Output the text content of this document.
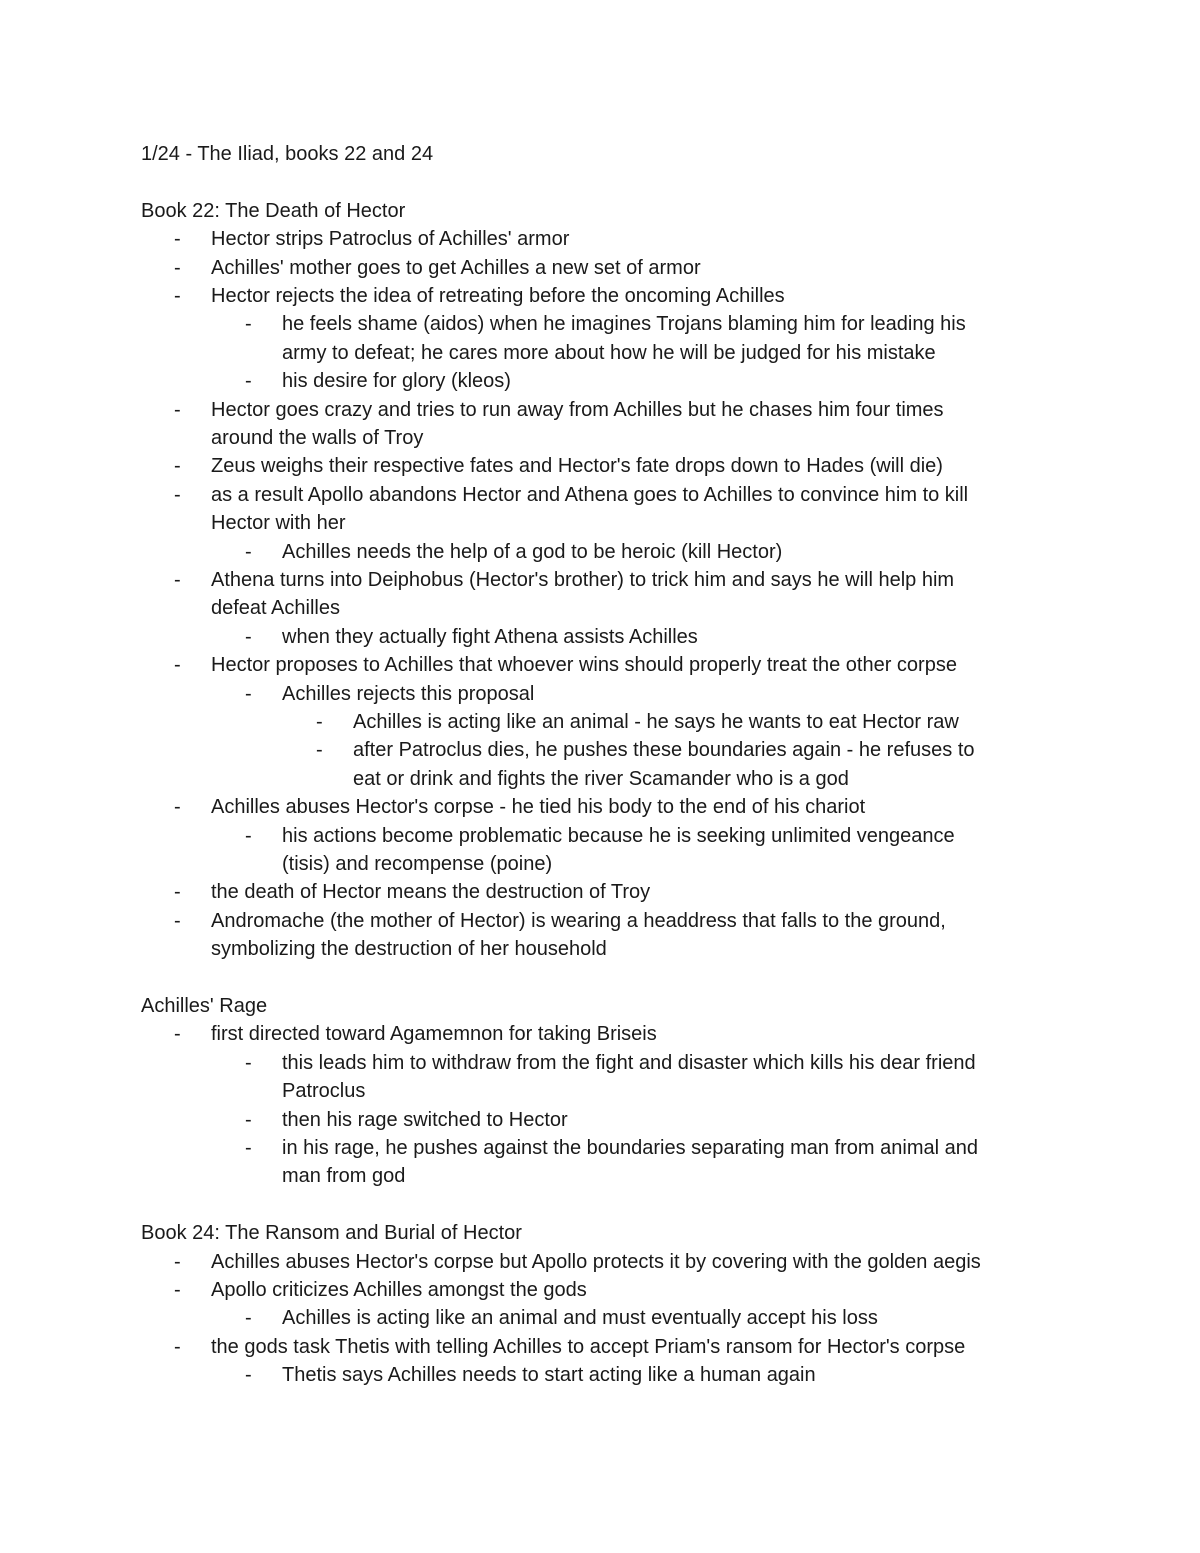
1/24 - The Iliad, books 22 and 24
Book 22: The Death of Hector
- Hector strips Patroclus of Achilles' armor
- Achilles' mother goes to get Achilles a new set of armor
- Hector rejects the idea of retreating before the oncoming Achilles
- he feels shame (aidos) when he imagines Trojans blaming him for leading his
army to defeat; he cares more about how he will be judged for his mistake
- his desire for glory (kleos)
- Hector goes crazy and tries to run away from Achilles but he chases him four times
around the walls of Troy
- Zeus weighs their respective fates and Hector's fate drops down to Hades (will die)
- as a result Apollo abandons Hector and Athena goes to Achilles to convince him to kill
Hector with her
- Achilles needs the help of a god to be heroic (kill Hector)
- Athena turns into Deiphobus (Hector's brother) to trick him and says he will help him
defeat Achilles
- when they actually fight Athena assists Achilles
- Hector proposes to Achilles that whoever wins should properly treat the other corpse
- Achilles rejects this proposal
- Achilles is acting like an animal - he says he wants to eat Hector raw
- after Patroclus dies, he pushes these boundaries again - he refuses to
eat or drink and fights the river Scamander who is a god
- Achilles abuses Hector's corpse - he tied his body to the end of his chariot
- his actions become problematic because he is seeking unlimited vengeance
(tisis) and recompense (poine)
- the death of Hector means the destruction of Troy
- Andromache (the mother of Hector) is wearing a headdress that falls to the ground,
symbolizing the destruction of her household
Achilles' Rage
- first directed toward Agamemnon for taking Briseis
- this leads him to withdraw from the fight and disaster which kills his dear friend
Patroclus
- then his rage switched to Hector
- in his rage, he pushes against the boundaries separating man from animal and
man from god
Book 24: The Ransom and Burial of Hector
- Achilles abuses Hector's corpse but Apollo protects it by covering with the golden aegis
- Apollo criticizes Achilles amongst the gods
- Achilles is acting like an animal and must eventually accept his loss
- the gods task Thetis with telling Achilles to accept Priam's ransom for Hector's corpse
- Thetis says Achilles needs to start acting like a human again
